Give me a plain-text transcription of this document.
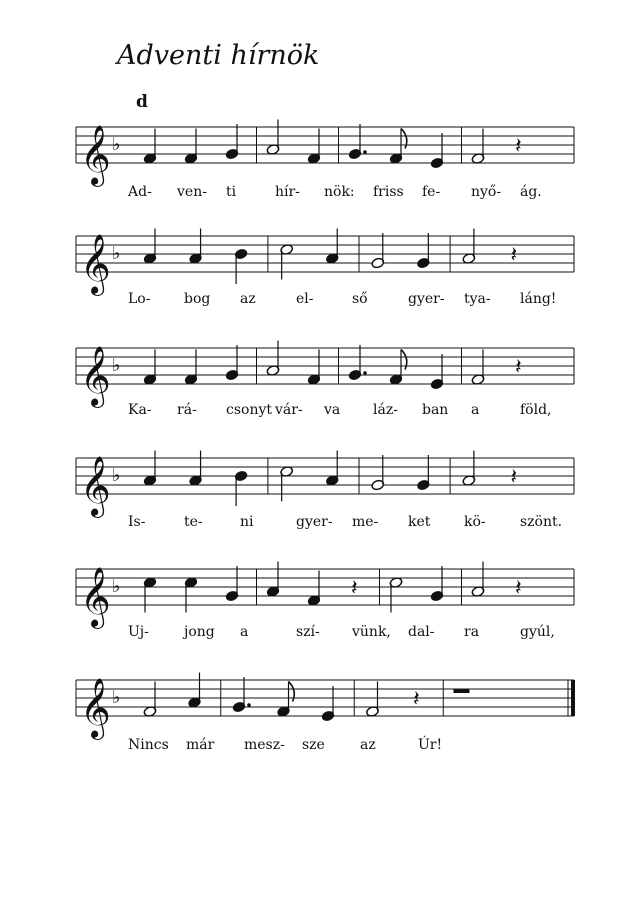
Adventi hírnök
d
𝄞 ♭	𝄽
Ad- ven- ti	hír- nök: friss fe- nyő- ág.
𝄞 ♭	𝄽
Lo- bog az	el-	ső	gyer- tya- láng!
𝄞 ♭	𝄽
Ka- rá- csonyt vár- va láz- ban a	föld,
𝄞 ♭	𝄽
Is-	te-	ni	gyer- me- ket kö- szönt.
𝄞 ♭	𝄽	𝄽
Uj-	jong a	szí- vünk, dal- ra	gyúl,
𝄞 ♭	𝄽
Nincs már mesz- sze	az	Úr!
